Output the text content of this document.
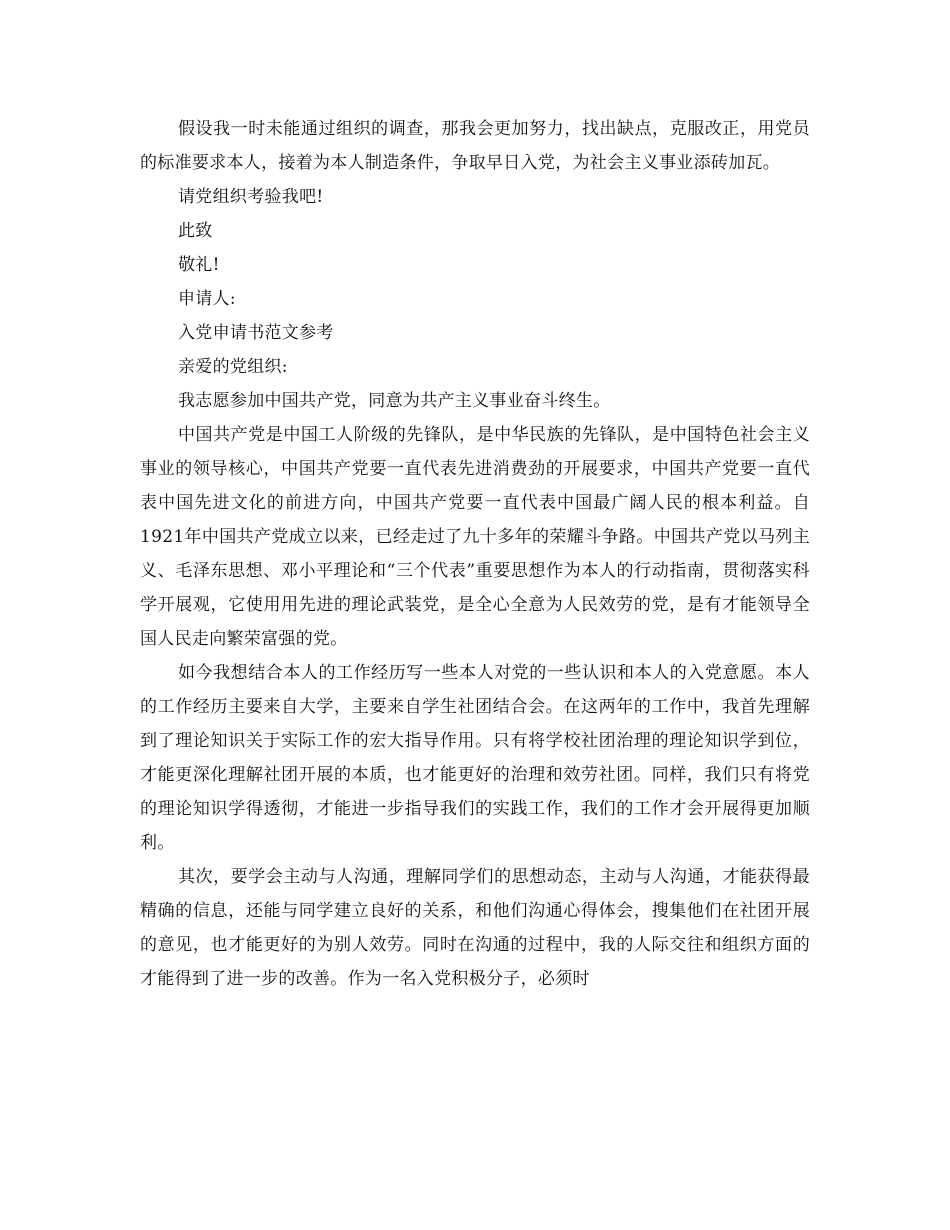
假设我一时未能通过组织的调查，那我会更加努力，找出缺点，克服改正，用党员的标准要求本人，接着为本人制造条件，争取早日入党，为社会主义事业添砖加瓦。

请党组织考验我吧!

此致

敬礼!

申请人:

入党申请书范文参考

亲爱的党组织:

我志愿参加中国共产党，同意为共产主义事业奋斗终生。

中国共产党是中国工人阶级的先锋队，是中华民族的先锋队，是中国特色社会主义事业的领导核心，中国共产党要一直代表先进消费劲的开展要求，中国共产党要一直代表中国先进文化的前进方向，中国共产党要一直代表中国最广阔人民的根本利益。自1921年中国共产党成立以来，已经走过了九十多年的荣耀斗争路。中国共产党以马列主义、毛泽东思想、邓小平理论和“三个代表”重要思想作为本人的行动指南，贯彻落实科学开展观，它使用用先进的理论武装党，是全心全意为人民效劳的党，是有才能领导全国人民走向繁荣富强的党。

如今我想结合本人的工作经历写一些本人对党的一些认识和本人的入党意愿。本人的工作经历主要来自大学，主要来自学生社团结合会。在这两年的工作中，我首先理解到了理论知识关于实际工作的宏大指导作用。只有将学校社团治理的理论知识学到位，才能更深化理解社团开展的本质，也才能更好的治理和效劳社团。同样，我们只有将党的理论知识学得透彻，才能进一步指导我们的实践工作，我们的工作才会开展得更加顺利。

其次，要学会主动与人沟通，理解同学们的思想动态，主动与人沟通，才能获得最精确的信息，还能与同学建立良好的关系，和他们沟通心得体会，搜集他们在社团开展的意见，也才能更好的为别人效劳。同时在沟通的过程中，我的人际交往和组织方面的才能得到了进一步的改善。作为一名入党积极分子，必须时
